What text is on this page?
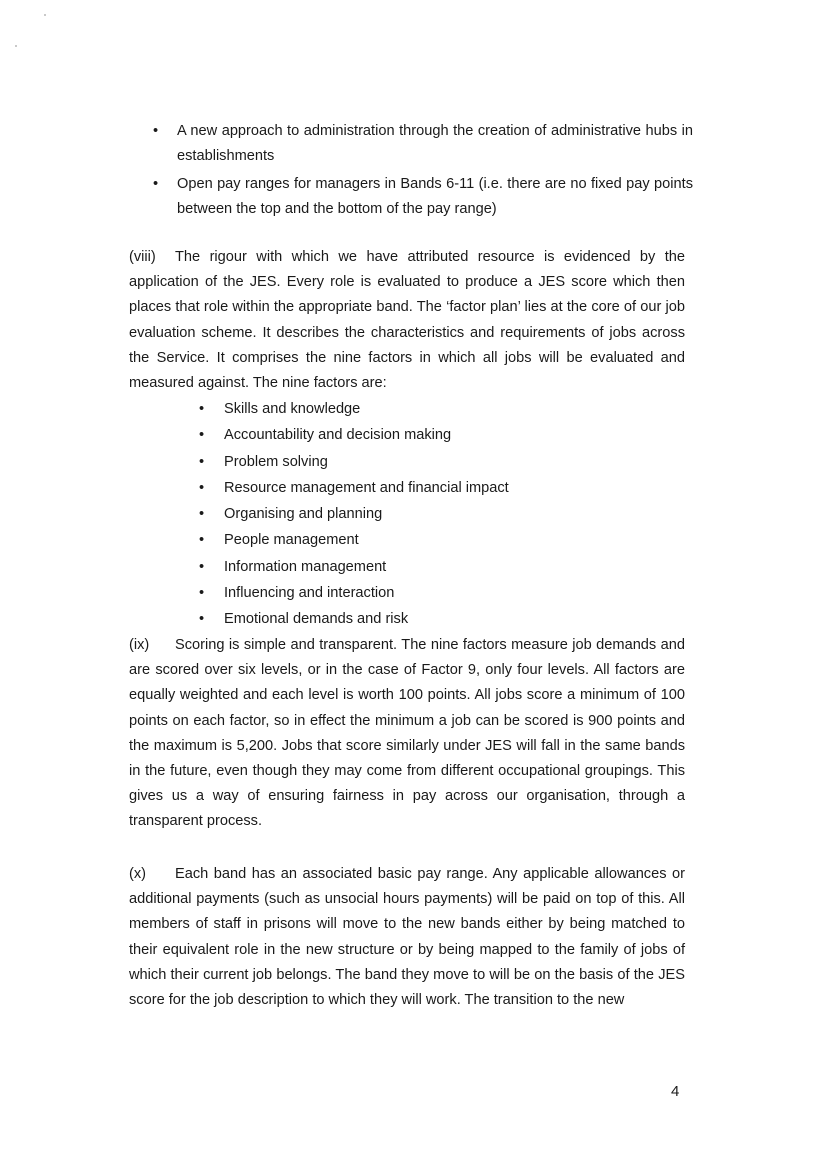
• A new approach to administration through the creation of administrative hubs in establishments
• Open pay ranges for managers in Bands 6-11 (i.e. there are no fixed pay points between the top and the bottom of the pay range)

(viii) The rigour with which we have attributed resource is evidenced by the application of the JES. Every role is evaluated to produce a JES score which then places that role within the appropriate band. The ‘factor plan’ lies at the core of our job evaluation scheme. It describes the characteristics and requirements of jobs across the Service. It comprises the nine factors in which all jobs will be evaluated and measured against. The nine factors are:

• Skills and knowledge
• Accountability and decision making
• Problem solving
• Resource management and financial impact
• Organising and planning
• People management
• Information management
• Influencing and interaction
• Emotional demands and risk

(ix) Scoring is simple and transparent. The nine factors measure job demands and are scored over six levels, or in the case of Factor 9, only four levels. All factors are equally weighted and each level is worth 100 points. All jobs score a minimum of 100 points on each factor, so in effect the minimum a job can be scored is 900 points and the maximum is 5,200. Jobs that score similarly under JES will fall in the same bands in the future, even though they may come from different occupational groupings. This gives us a way of ensuring fairness in pay across our organisation, through a transparent process.

(x) Each band has an associated basic pay range. Any applicable allowances or additional payments (such as unsocial hours payments) will be paid on top of this. All members of staff in prisons will move to the new bands either by being matched to their equivalent role in the new structure or by being mapped to the family of jobs of which their current job belongs. The band they move to will be on the basis of the JES score for the job description to which they will work. The transition to the new

4
